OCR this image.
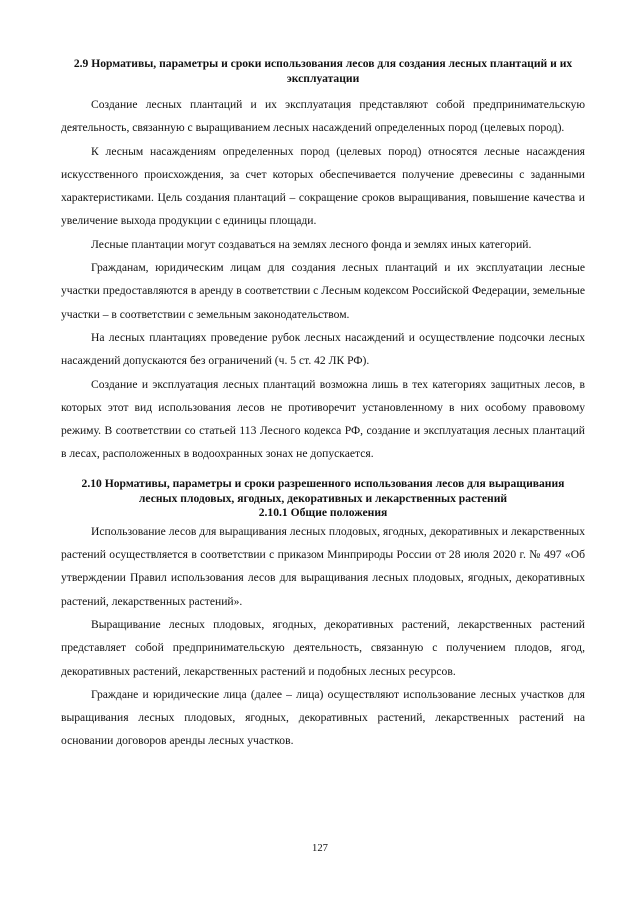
2.9 Нормативы, параметры и сроки использования лесов для создания лесных плантаций и их эксплуатации

Создание лесных плантаций и их эксплуатация представляют собой предпринимательскую деятельность, связанную с выращиванием лесных насаждений определенных пород (целевых пород).

К лесным насаждениям определенных пород (целевых пород) относятся лесные насаждения искусственного происхождения, за счет которых обеспечивается получение древесины с заданными характеристиками. Цель создания плантаций – сокращение сроков выращивания, повышение качества и увеличение выхода продукции с единицы площади.

Лесные плантации могут создаваться на землях лесного фонда и землях иных категорий.

Гражданам, юридическим лицам для создания лесных плантаций и их эксплуатации лесные участки предоставляются в аренду в соответствии с Лесным кодексом Российской Федерации, земельные участки – в соответствии с земельным законодательством.

На лесных плантациях проведение рубок лесных насаждений и осуществление подсочки лесных насаждений допускаются без ограничений (ч. 5 ст. 42 ЛК РФ).

Создание и эксплуатация лесных плантаций возможна лишь в тех категориях защитных лесов, в которых этот вид использования лесов не противоречит установленному в них особому правовому режиму. В соответствии со статьей 113 Лесного кодекса РФ, создание и эксплуатация лесных плантаций в лесах, расположенных в водоохранных зонах не допускается.

2.10 Нормативы, параметры и сроки разрешенного использования лесов для выращивания лесных плодовых, ягодных, декоративных и лекарственных растений
2.10.1 Общие положения

Использование лесов для выращивания лесных плодовых, ягодных, декоративных и лекарственных растений осуществляется в соответствии с приказом Минприроды России от 28 июля 2020 г. № 497 «Об утверждении Правил использования лесов для выращивания лесных плодовых, ягодных, декоративных растений, лекарственных растений».

Выращивание лесных плодовых, ягодных, декоративных растений, лекарственных растений представляет собой предпринимательскую деятельность, связанную с получением плодов, ягод, декоративных растений, лекарственных растений и подобных лесных ресурсов.

Граждане и юридические лица (далее – лица) осуществляют использование лесных участков для выращивания лесных плодовых, ягодных, декоративных растений, лекарственных растений на основании договоров аренды лесных участков.

127
